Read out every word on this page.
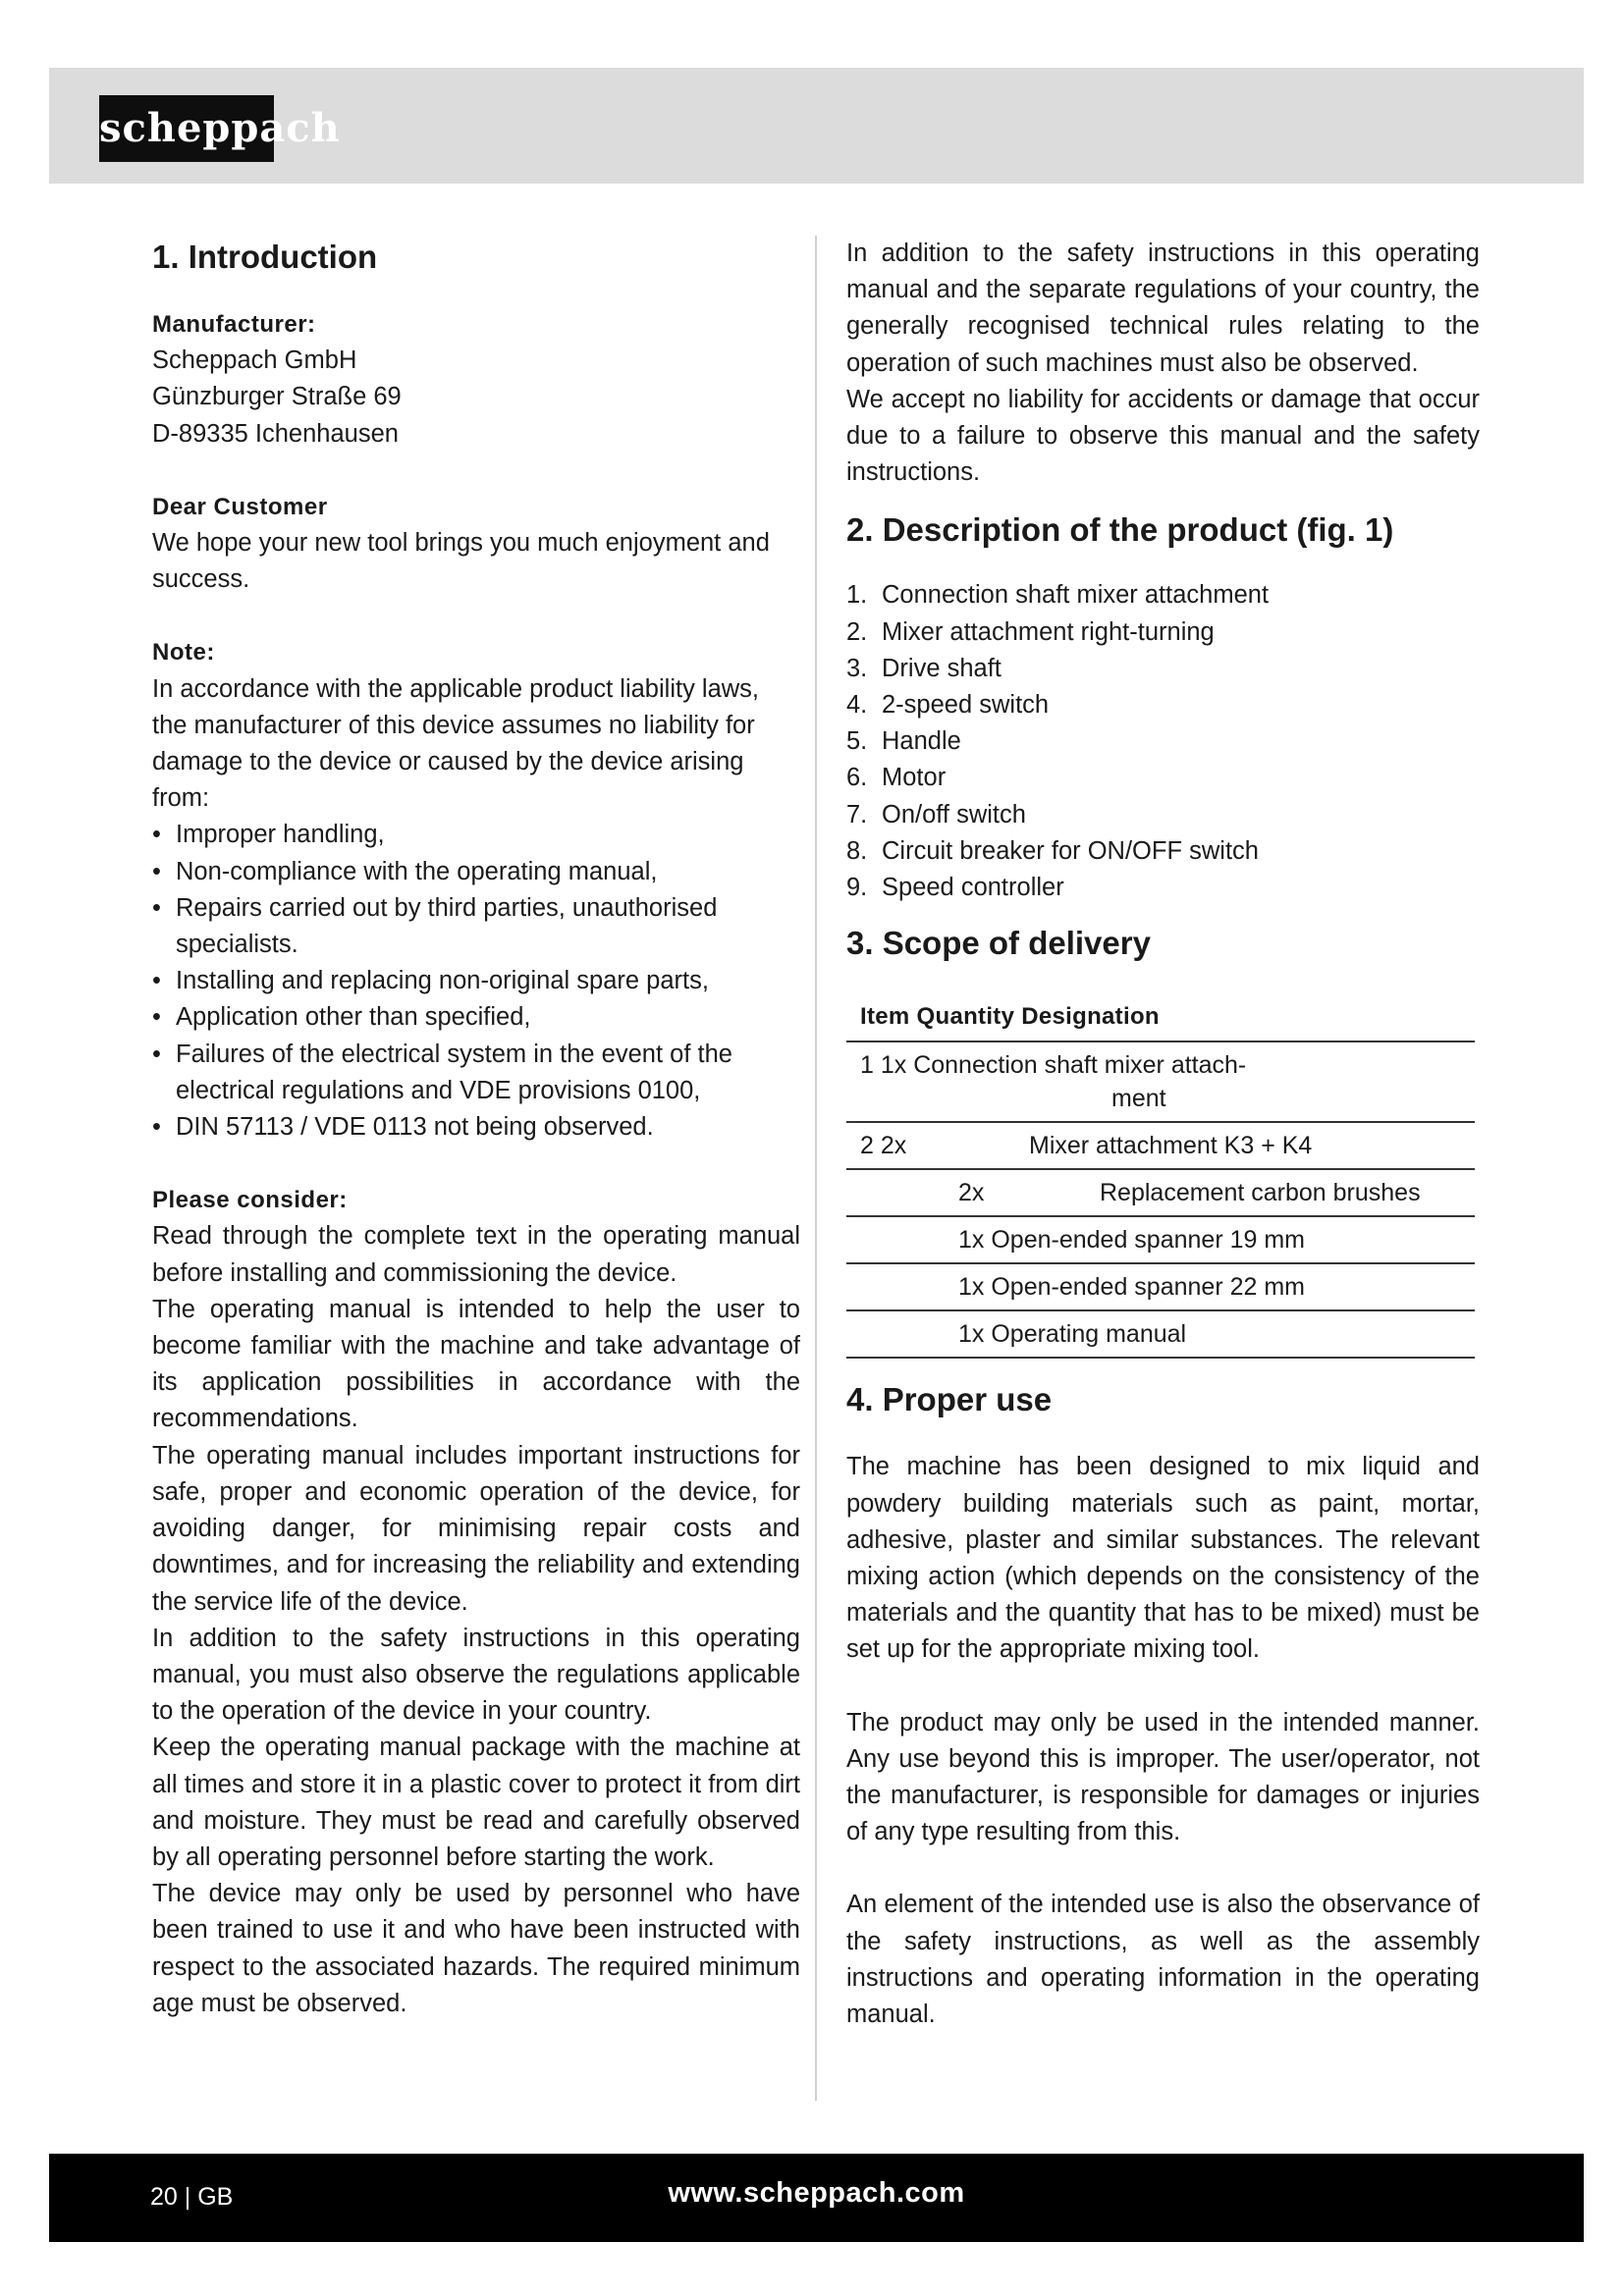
scheppach
1. Introduction
Manufacturer:

Scheppach GmbH

Günzburger Straße 69

D-89335 Ichenhausen

Dear Customer

We hope your new tool brings you much enjoyment and success.

Note:

In accordance with the applicable product liability laws, the manufacturer of this device assumes no liability for damage to the device or caused by the device arising from:

• Improper handling,
• Non-compliance with the operating manual,
• Repairs carried out by third parties, unauthorised specialists.
• Installing and replacing non-original spare parts,
• Application other than specified,
• Failures of the electrical system in the event of the electrical regulations and VDE provisions 0100,
• DIN 57113 / VDE 0113 not being observed.
Please consider:

Read through the complete text in the operating manual before installing and commissioning the device.

The operating manual is intended to help the user to become familiar with the machine and take advantage of its application possibilities in accordance with the recommendations.

The operating manual includes important instructions for safe, proper and economic operation of the device, for avoiding danger, for minimising repair costs and downtimes, and for increasing the reliability and extending the service life of the device.

In addition to the safety instructions in this operating manual, you must also observe the regulations applicable to the operation of the device in your country.

Keep the operating manual package with the machine at all times and store it in a plastic cover to protect it from dirt and moisture. They must be read and carefully observed by all operating personnel before starting the work.

The device may only be used by personnel who have been trained to use it and who have been instructed with respect to the associated hazards. The required minimum age must be observed.

In addition to the safety instructions in this operating manual and the separate regulations of your country, the generally recognised technical rules relating to the operation of such machines must also be observed.

We accept no liability for accidents or damage that occur due to a failure to observe this manual and the safety instructions.

2. Description of the product (fig. 1)
1. Connection shaft mixer attachment
2. Mixer attachment right-turning
3. Drive shaft
4. 2-speed switch
5. Handle
6. Motor
7. On/off switch
8. Circuit breaker for ON/OFF switch
9. Speed controller
3. Scope of delivery
Item Quantity Designation

1 1x Connection shaft mixer attach-
ment

2 2x	Mixer attachment K3 + K4
2x	Replacement carbon brushes
1x Open-ended spanner 19 mm
1x Open-ended spanner 22 mm
1x Operating manual
4. Proper use

The machine has been designed to mix liquid and powdery building materials such as paint, mortar, adhesive, plaster and similar substances. The relevant mixing action (which depends on the consistency of the materials and the quantity that has to be mixed) must be set up for the appropriate mixing tool.

The product may only be used in the intended manner. Any use beyond this is improper. The user/operator, not the manufacturer, is responsible for damages or injuries of any type resulting from this.

An element of the intended use is also the observance of the safety instructions, as well as the assembly instructions and operating information in the operating manual.

20 | GB	www.scheppach.com
